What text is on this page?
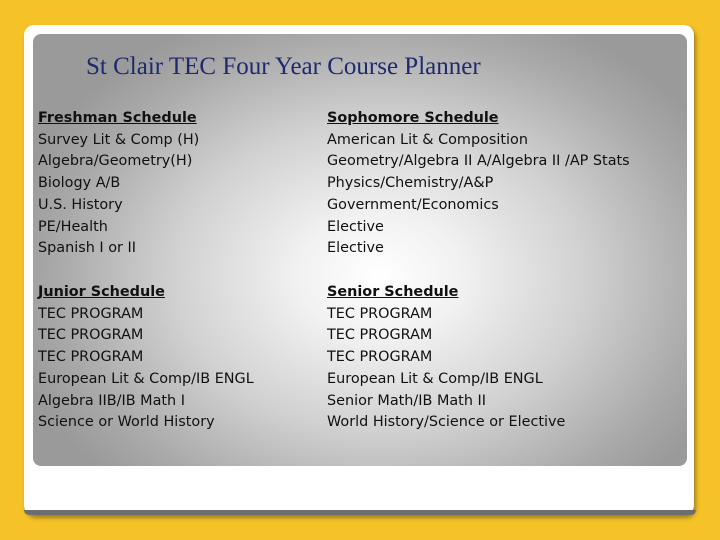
St Clair TEC Four Year Course Planner
Freshman Schedule
Survey Lit & Comp (H)
Algebra/Geometry(H)
Biology A/B
U.S. History
PE/Health
Spanish I or II
Sophomore Schedule
American Lit & Composition
Geometry/Algebra II A/Algebra II /AP Stats
Physics/Chemistry/A&P
Government/Economics
Elective
Elective
Junior Schedule
TEC PROGRAM
TEC PROGRAM
TEC PROGRAM
European Lit & Comp/IB ENGL
Algebra IIB/IB Math I
Science or World History
Senior Schedule
TEC PROGRAM
TEC PROGRAM
TEC PROGRAM
European Lit & Comp/IB ENGL
Senior Math/IB Math II
World History/Science or Elective
